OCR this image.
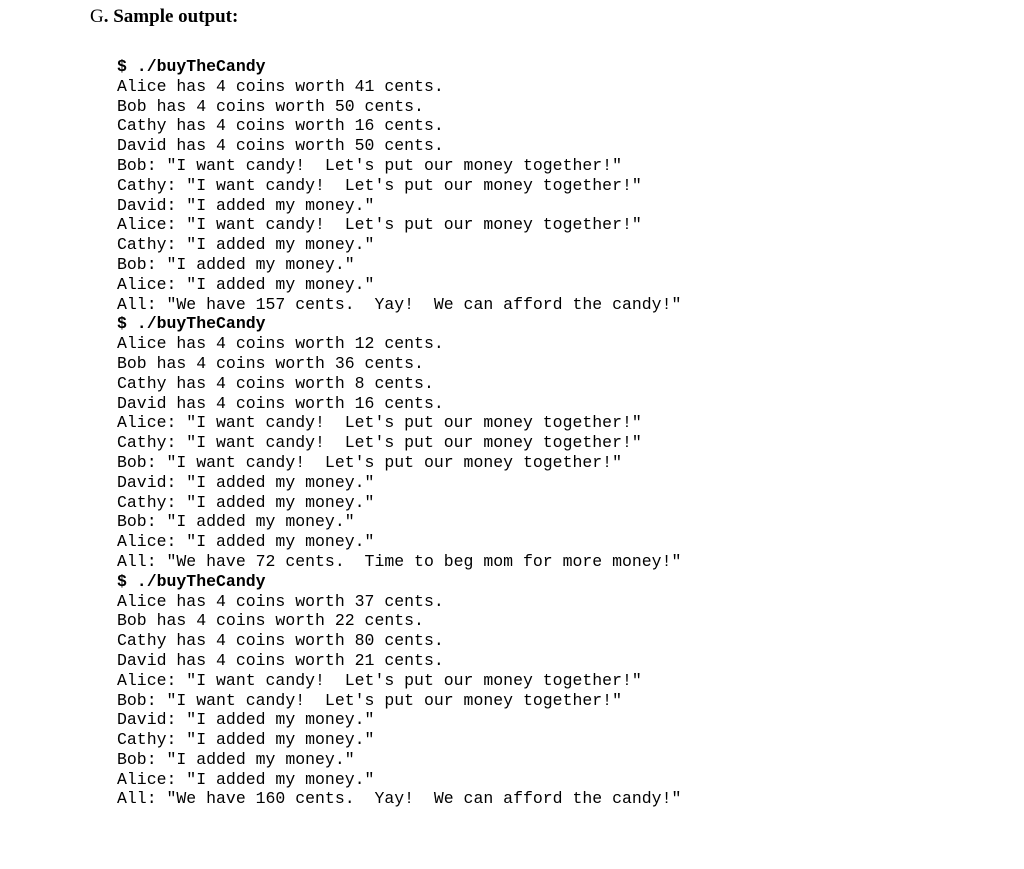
G. Sample output:
$ ./buyTheCandy
Alice has 4 coins worth 41 cents.
Bob has 4 coins worth 50 cents.
Cathy has 4 coins worth 16 cents.
David has 4 coins worth 50 cents.
Bob: "I want candy!  Let's put our money together!"
Cathy: "I want candy!  Let's put our money together!"
David: "I added my money."
Alice: "I want candy!  Let's put our money together!"
Cathy: "I added my money."
Bob: "I added my money."
Alice: "I added my money."
All: "We have 157 cents.  Yay!  We can afford the candy!"
$ ./buyTheCandy
Alice has 4 coins worth 12 cents.
Bob has 4 coins worth 36 cents.
Cathy has 4 coins worth 8 cents.
David has 4 coins worth 16 cents.
Alice: "I want candy!  Let's put our money together!"
Cathy: "I want candy!  Let's put our money together!"
Bob: "I want candy!  Let's put our money together!"
David: "I added my money."
Cathy: "I added my money."
Bob: "I added my money."
Alice: "I added my money."
All: "We have 72 cents.  Time to beg mom for more money!"
$ ./buyTheCandy
Alice has 4 coins worth 37 cents.
Bob has 4 coins worth 22 cents.
Cathy has 4 coins worth 80 cents.
David has 4 coins worth 21 cents.
Alice: "I want candy!  Let's put our money together!"
Bob: "I want candy!  Let's put our money together!"
David: "I added my money."
Cathy: "I added my money."
Bob: "I added my money."
Alice: "I added my money."
All: "We have 160 cents.  Yay!  We can afford the candy!"
